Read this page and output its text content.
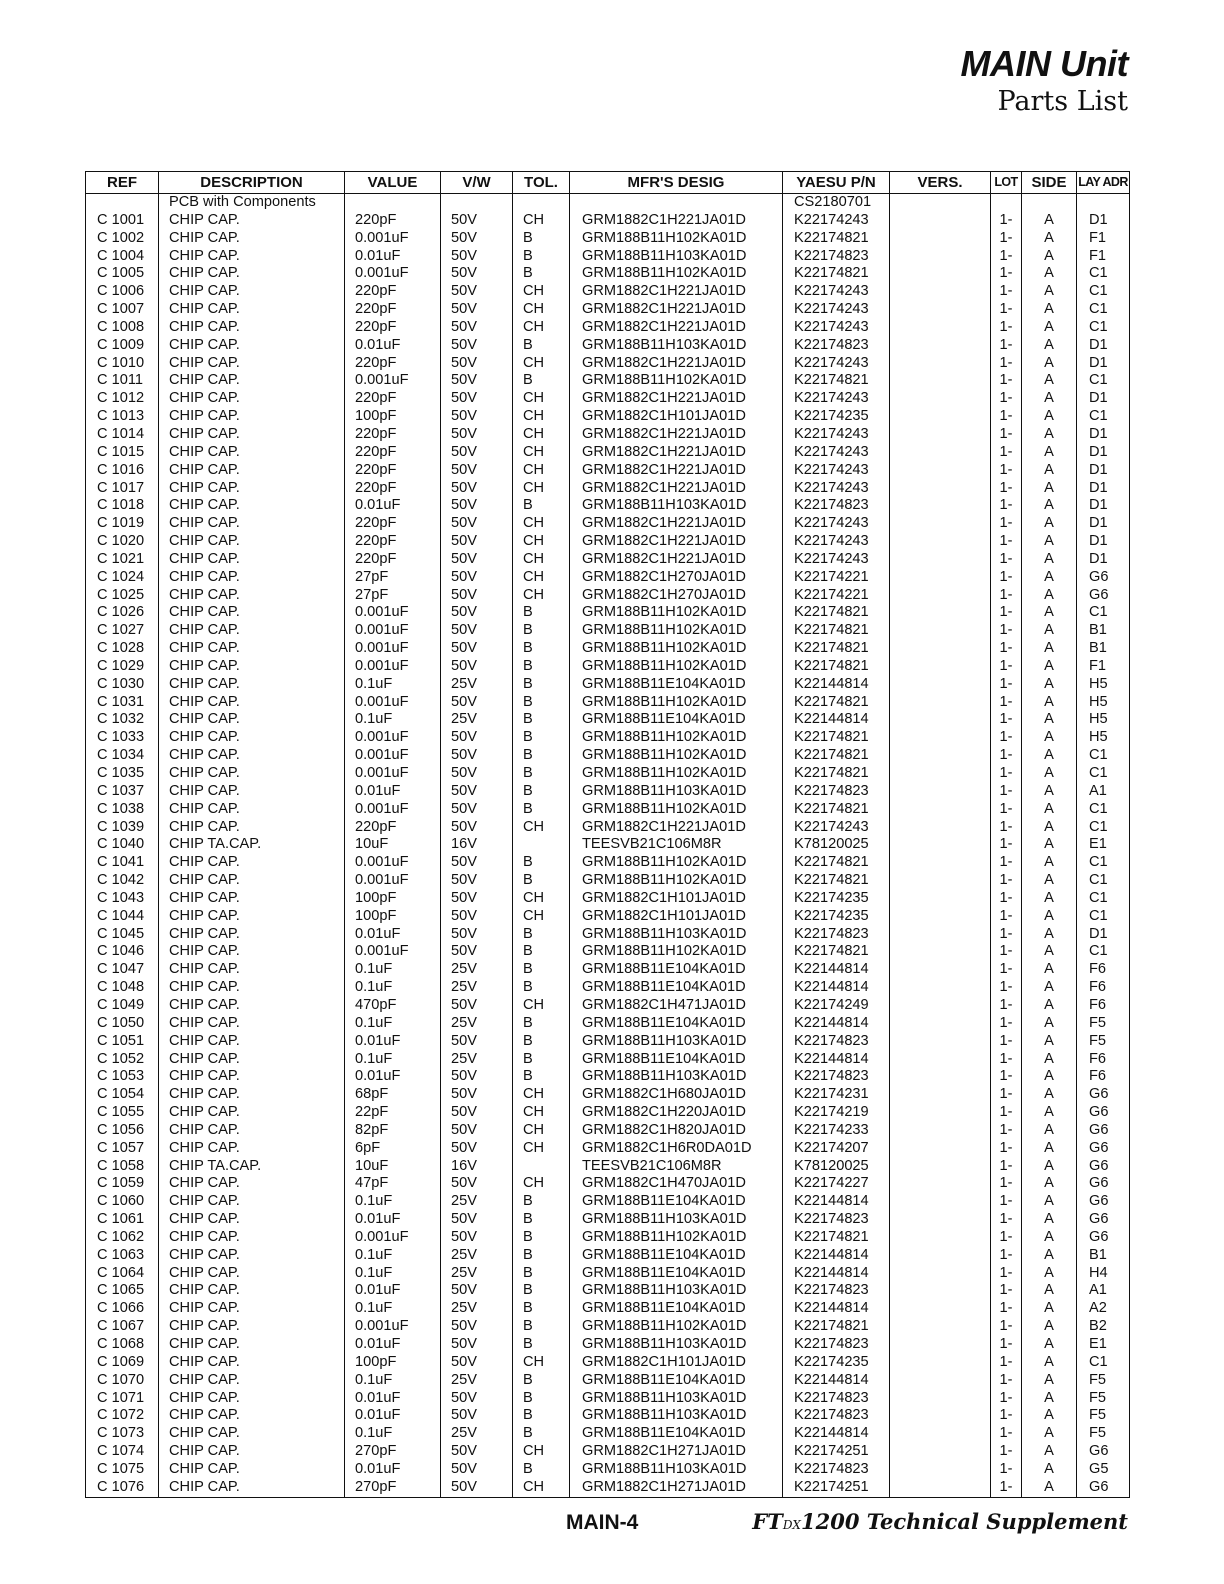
MAIN Unit
Parts List
REF	DESCRIPTION	VALUE	V/W	TOL.	MFR'S DESIG	YAESU P/N	VERS.	LOT	SIDE	LAY ADR
	PCB with Components					CS2180701				
C 1001	CHIP CAP.	220pF	50V	CH	GRM1882C1H221JA01D	K22174243		1-	A	D1
C 1002	CHIP CAP.	0.001uF	50V	B	GRM188B11H102KA01D	K22174821		1-	A	F1
C 1004	CHIP CAP.	0.01uF	50V	B	GRM188B11H103KA01D	K22174823		1-	A	F1
C 1005	CHIP CAP.	0.001uF	50V	B	GRM188B11H102KA01D	K22174821		1-	A	C1
C 1006	CHIP CAP.	220pF	50V	CH	GRM1882C1H221JA01D	K22174243		1-	A	C1
C 1007	CHIP CAP.	220pF	50V	CH	GRM1882C1H221JA01D	K22174243		1-	A	C1
C 1008	CHIP CAP.	220pF	50V	CH	GRM1882C1H221JA01D	K22174243		1-	A	C1
C 1009	CHIP CAP.	0.01uF	50V	B	GRM188B11H103KA01D	K22174823		1-	A	D1
C 1010	CHIP CAP.	220pF	50V	CH	GRM1882C1H221JA01D	K22174243		1-	A	D1
C 1011	CHIP CAP.	0.001uF	50V	B	GRM188B11H102KA01D	K22174821		1-	A	C1
C 1012	CHIP CAP.	220pF	50V	CH	GRM1882C1H221JA01D	K22174243		1-	A	D1
C 1013	CHIP CAP.	100pF	50V	CH	GRM1882C1H101JA01D	K22174235		1-	A	C1
C 1014	CHIP CAP.	220pF	50V	CH	GRM1882C1H221JA01D	K22174243		1-	A	D1
C 1015	CHIP CAP.	220pF	50V	CH	GRM1882C1H221JA01D	K22174243		1-	A	D1
C 1016	CHIP CAP.	220pF	50V	CH	GRM1882C1H221JA01D	K22174243		1-	A	D1
C 1017	CHIP CAP.	220pF	50V	CH	GRM1882C1H221JA01D	K22174243		1-	A	D1
C 1018	CHIP CAP.	0.01uF	50V	B	GRM188B11H103KA01D	K22174823		1-	A	D1
C 1019	CHIP CAP.	220pF	50V	CH	GRM1882C1H221JA01D	K22174243		1-	A	D1
C 1020	CHIP CAP.	220pF	50V	CH	GRM1882C1H221JA01D	K22174243		1-	A	D1
C 1021	CHIP CAP.	220pF	50V	CH	GRM1882C1H221JA01D	K22174243		1-	A	D1
C 1024	CHIP CAP.	27pF	50V	CH	GRM1882C1H270JA01D	K22174221		1-	A	G6
C 1025	CHIP CAP.	27pF	50V	CH	GRM1882C1H270JA01D	K22174221		1-	A	G6
C 1026	CHIP CAP.	0.001uF	50V	B	GRM188B11H102KA01D	K22174821		1-	A	C1
C 1027	CHIP CAP.	0.001uF	50V	B	GRM188B11H102KA01D	K22174821		1-	A	B1
C 1028	CHIP CAP.	0.001uF	50V	B	GRM188B11H102KA01D	K22174821		1-	A	B1
C 1029	CHIP CAP.	0.001uF	50V	B	GRM188B11H102KA01D	K22174821		1-	A	F1
C 1030	CHIP CAP.	0.1uF	25V	B	GRM188B11E104KA01D	K22144814		1-	A	H5
C 1031	CHIP CAP.	0.001uF	50V	B	GRM188B11H102KA01D	K22174821		1-	A	H5
C 1032	CHIP CAP.	0.1uF	25V	B	GRM188B11E104KA01D	K22144814		1-	A	H5
C 1033	CHIP CAP.	0.001uF	50V	B	GRM188B11H102KA01D	K22174821		1-	A	H5
C 1034	CHIP CAP.	0.001uF	50V	B	GRM188B11H102KA01D	K22174821		1-	A	C1
C 1035	CHIP CAP.	0.001uF	50V	B	GRM188B11H102KA01D	K22174821		1-	A	C1
C 1037	CHIP CAP.	0.01uF	50V	B	GRM188B11H103KA01D	K22174823		1-	A	A1
C 1038	CHIP CAP.	0.001uF	50V	B	GRM188B11H102KA01D	K22174821		1-	A	C1
C 1039	CHIP CAP.	220pF	50V	CH	GRM1882C1H221JA01D	K22174243		1-	A	C1
C 1040	CHIP TA.CAP.	10uF	16V		TEESVB21C106M8R	K78120025		1-	A	E1
C 1041	CHIP CAP.	0.001uF	50V	B	GRM188B11H102KA01D	K22174821		1-	A	C1
C 1042	CHIP CAP.	0.001uF	50V	B	GRM188B11H102KA01D	K22174821		1-	A	C1
C 1043	CHIP CAP.	100pF	50V	CH	GRM1882C1H101JA01D	K22174235		1-	A	C1
C 1044	CHIP CAP.	100pF	50V	CH	GRM1882C1H101JA01D	K22174235		1-	A	C1
C 1045	CHIP CAP.	0.01uF	50V	B	GRM188B11H103KA01D	K22174823		1-	A	D1
C 1046	CHIP CAP.	0.001uF	50V	B	GRM188B11H102KA01D	K22174821		1-	A	C1
C 1047	CHIP CAP.	0.1uF	25V	B	GRM188B11E104KA01D	K22144814		1-	A	F6
C 1048	CHIP CAP.	0.1uF	25V	B	GRM188B11E104KA01D	K22144814		1-	A	F6
C 1049	CHIP CAP.	470pF	50V	CH	GRM1882C1H471JA01D	K22174249		1-	A	F6
C 1050	CHIP CAP.	0.1uF	25V	B	GRM188B11E104KA01D	K22144814		1-	A	F5
C 1051	CHIP CAP.	0.01uF	50V	B	GRM188B11H103KA01D	K22174823		1-	A	F5
C 1052	CHIP CAP.	0.1uF	25V	B	GRM188B11E104KA01D	K22144814		1-	A	F6
C 1053	CHIP CAP.	0.01uF	50V	B	GRM188B11H103KA01D	K22174823		1-	A	F6
C 1054	CHIP CAP.	68pF	50V	CH	GRM1882C1H680JA01D	K22174231		1-	A	G6
C 1055	CHIP CAP.	22pF	50V	CH	GRM1882C1H220JA01D	K22174219		1-	A	G6
C 1056	CHIP CAP.	82pF	50V	CH	GRM1882C1H820JA01D	K22174233		1-	A	G6
C 1057	CHIP CAP.	6pF	50V	CH	GRM1882C1H6R0DA01D	K22174207		1-	A	G6
C 1058	CHIP TA.CAP.	10uF	16V		TEESVB21C106M8R	K78120025		1-	A	G6
C 1059	CHIP CAP.	47pF	50V	CH	GRM1882C1H470JA01D	K22174227		1-	A	G6
C 1060	CHIP CAP.	0.1uF	25V	B	GRM188B11E104KA01D	K22144814		1-	A	G6
C 1061	CHIP CAP.	0.01uF	50V	B	GRM188B11H103KA01D	K22174823		1-	A	G6
C 1062	CHIP CAP.	0.001uF	50V	B	GRM188B11H102KA01D	K22174821		1-	A	G6
C 1063	CHIP CAP.	0.1uF	25V	B	GRM188B11E104KA01D	K22144814		1-	A	B1
C 1064	CHIP CAP.	0.1uF	25V	B	GRM188B11E104KA01D	K22144814		1-	A	H4
C 1065	CHIP CAP.	0.01uF	50V	B	GRM188B11H103KA01D	K22174823		1-	A	A1
C 1066	CHIP CAP.	0.1uF	25V	B	GRM188B11E104KA01D	K22144814		1-	A	A2
C 1067	CHIP CAP.	0.001uF	50V	B	GRM188B11H102KA01D	K22174821		1-	A	B2
C 1068	CHIP CAP.	0.01uF	50V	B	GRM188B11H103KA01D	K22174823		1-	A	E1
C 1069	CHIP CAP.	100pF	50V	CH	GRM1882C1H101JA01D	K22174235		1-	A	C1
C 1070	CHIP CAP.	0.1uF	25V	B	GRM188B11E104KA01D	K22144814		1-	A	F5
C 1071	CHIP CAP.	0.01uF	50V	B	GRM188B11H103KA01D	K22174823		1-	A	F5
C 1072	CHIP CAP.	0.01uF	50V	B	GRM188B11H103KA01D	K22174823		1-	A	F5
C 1073	CHIP CAP.	0.1uF	25V	B	GRM188B11E104KA01D	K22144814		1-	A	F5
C 1074	CHIP CAP.	270pF	50V	CH	GRM1882C1H271JA01D	K22174251		1-	A	G6
C 1075	CHIP CAP.	0.01uF	50V	B	GRM188B11H103KA01D	K22174823		1-	A	G5
C 1076	CHIP CAP.	270pF	50V	CH	GRM1882C1H271JA01D	K22174251		1-	A	G6
MAIN-4	FTDX1200 Technical Supplement
